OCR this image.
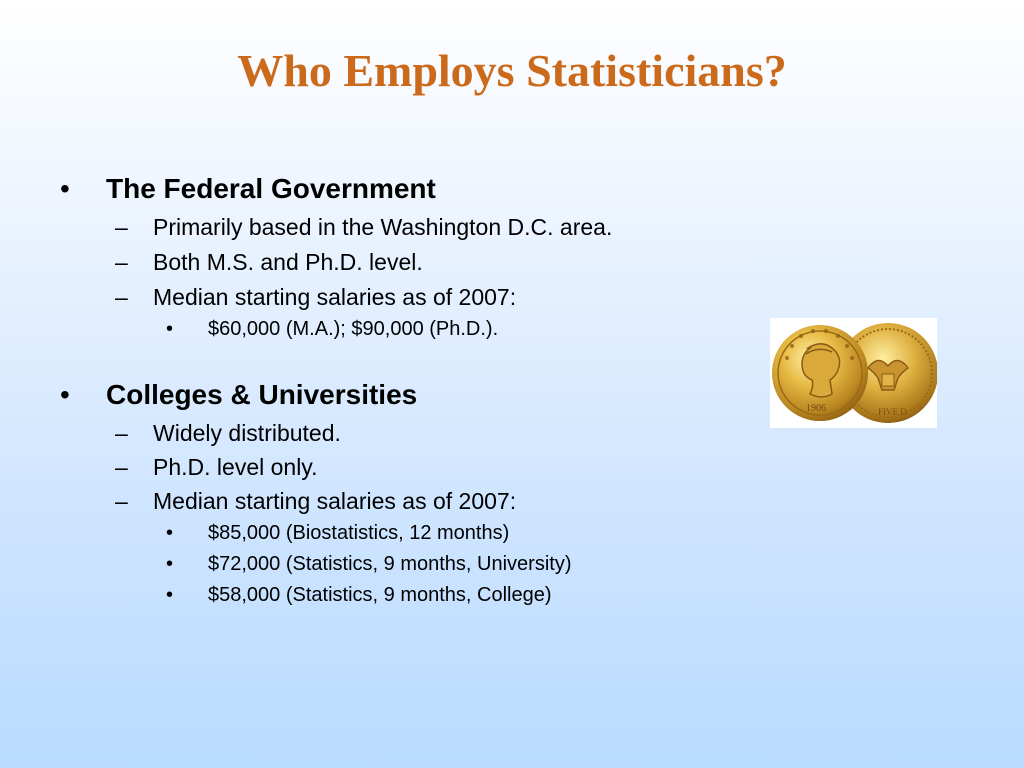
Who Employs Statisticians?
• The Federal Government
– Primarily based in the Washington D.C. area.
– Both M.S. and Ph.D. level.
– Median starting salaries as of 2007:
• $60,000 (M.A.); $90,000 (Ph.D.).
• Colleges & Universities
– Widely distributed.
– Ph.D. level only.
– Median starting salaries as of 2007:
• $85,000 (Biostatistics, 12 months)
• $72,000 (Statistics, 9 months, University)
• $58,000 (Statistics, 9 months, College)
FIVE D
1906
